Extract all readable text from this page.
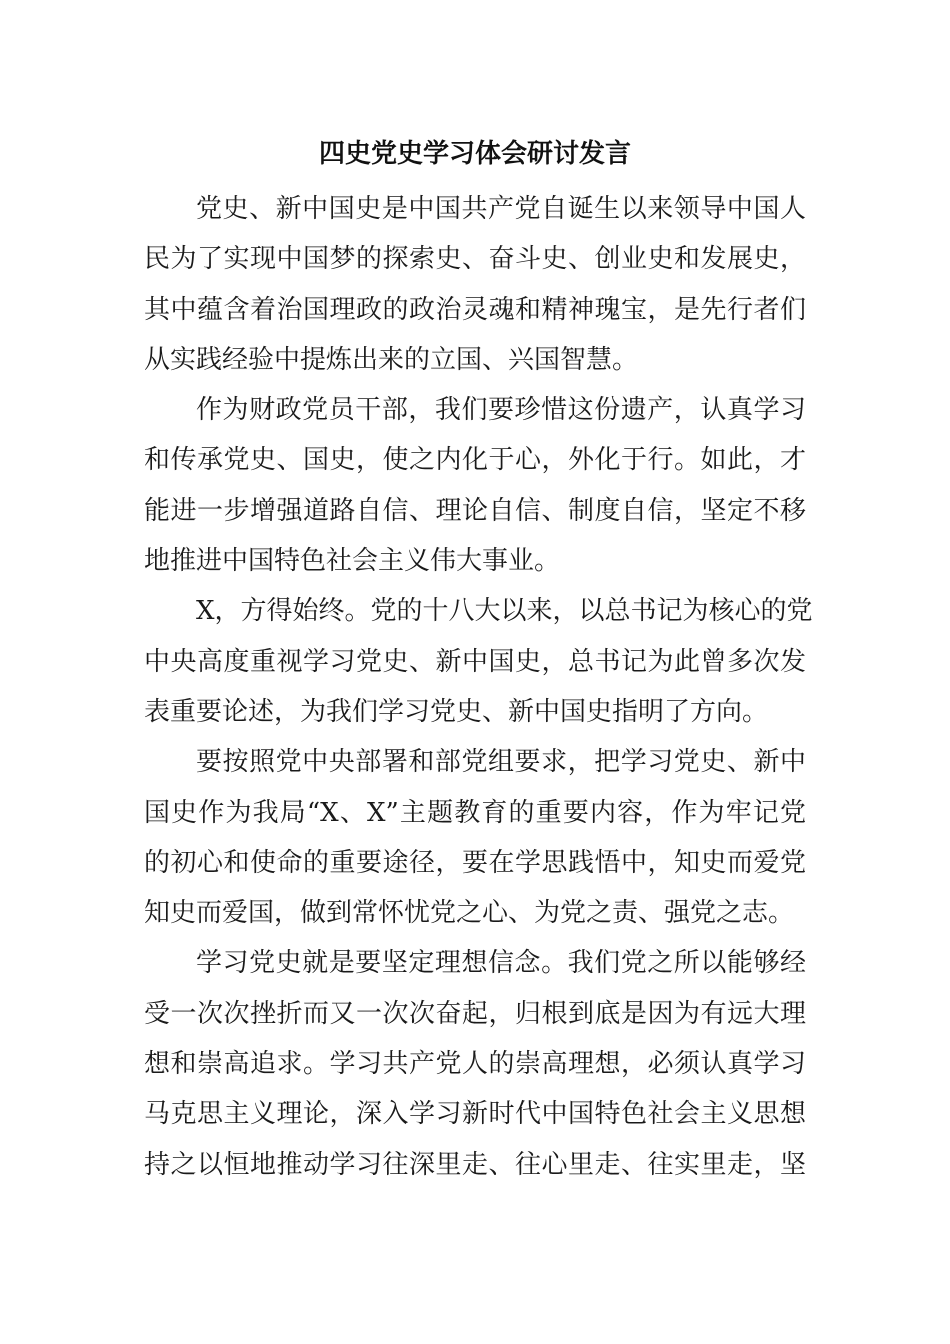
四史党史学习体会研讨发言
党史、新中国史是中国共产党自诞生以来领导中国人
民为了实现中国梦的探索史、奋斗史、创业史和发展史，
其中蕴含着治国理政的政治灵魂和精神瑰宝，是先行者们
从实践经验中提炼出来的立国、兴国智慧。
作为财政党员干部，我们要珍惜这份遗产，认真学习
和传承党史、国史，使之内化于心，外化于行。如此，才
能进一步增强道路自信、理论自信、制度自信，坚定不移
地推进中国特色社会主义伟大事业。
X，方得始终。党的十八大以来，以总书记为核心的党
中央高度重视学习党史、新中国史，总书记为此曾多次发
表重要论述，为我们学习党史、新中国史指明了方向。
要按照党中央部署和部党组要求，把学习党史、新中
国史作为我局“X、X”主题教育的重要内容，作为牢记党
的初心和使命的重要途径，要在学思践悟中，知史而爱党
知史而爱国，做到常怀忧党之心、为党之责、强党之志。
学习党史就是要坚定理想信念。我们党之所以能够经
受一次次挫折而又一次次奋起，归根到底是因为有远大理
想和崇高追求。学习共产党人的崇高理想，必须认真学习
马克思主义理论，深入学习新时代中国特色社会主义思想
持之以恒地推动学习往深里走、往心里走、往实里走，坚
